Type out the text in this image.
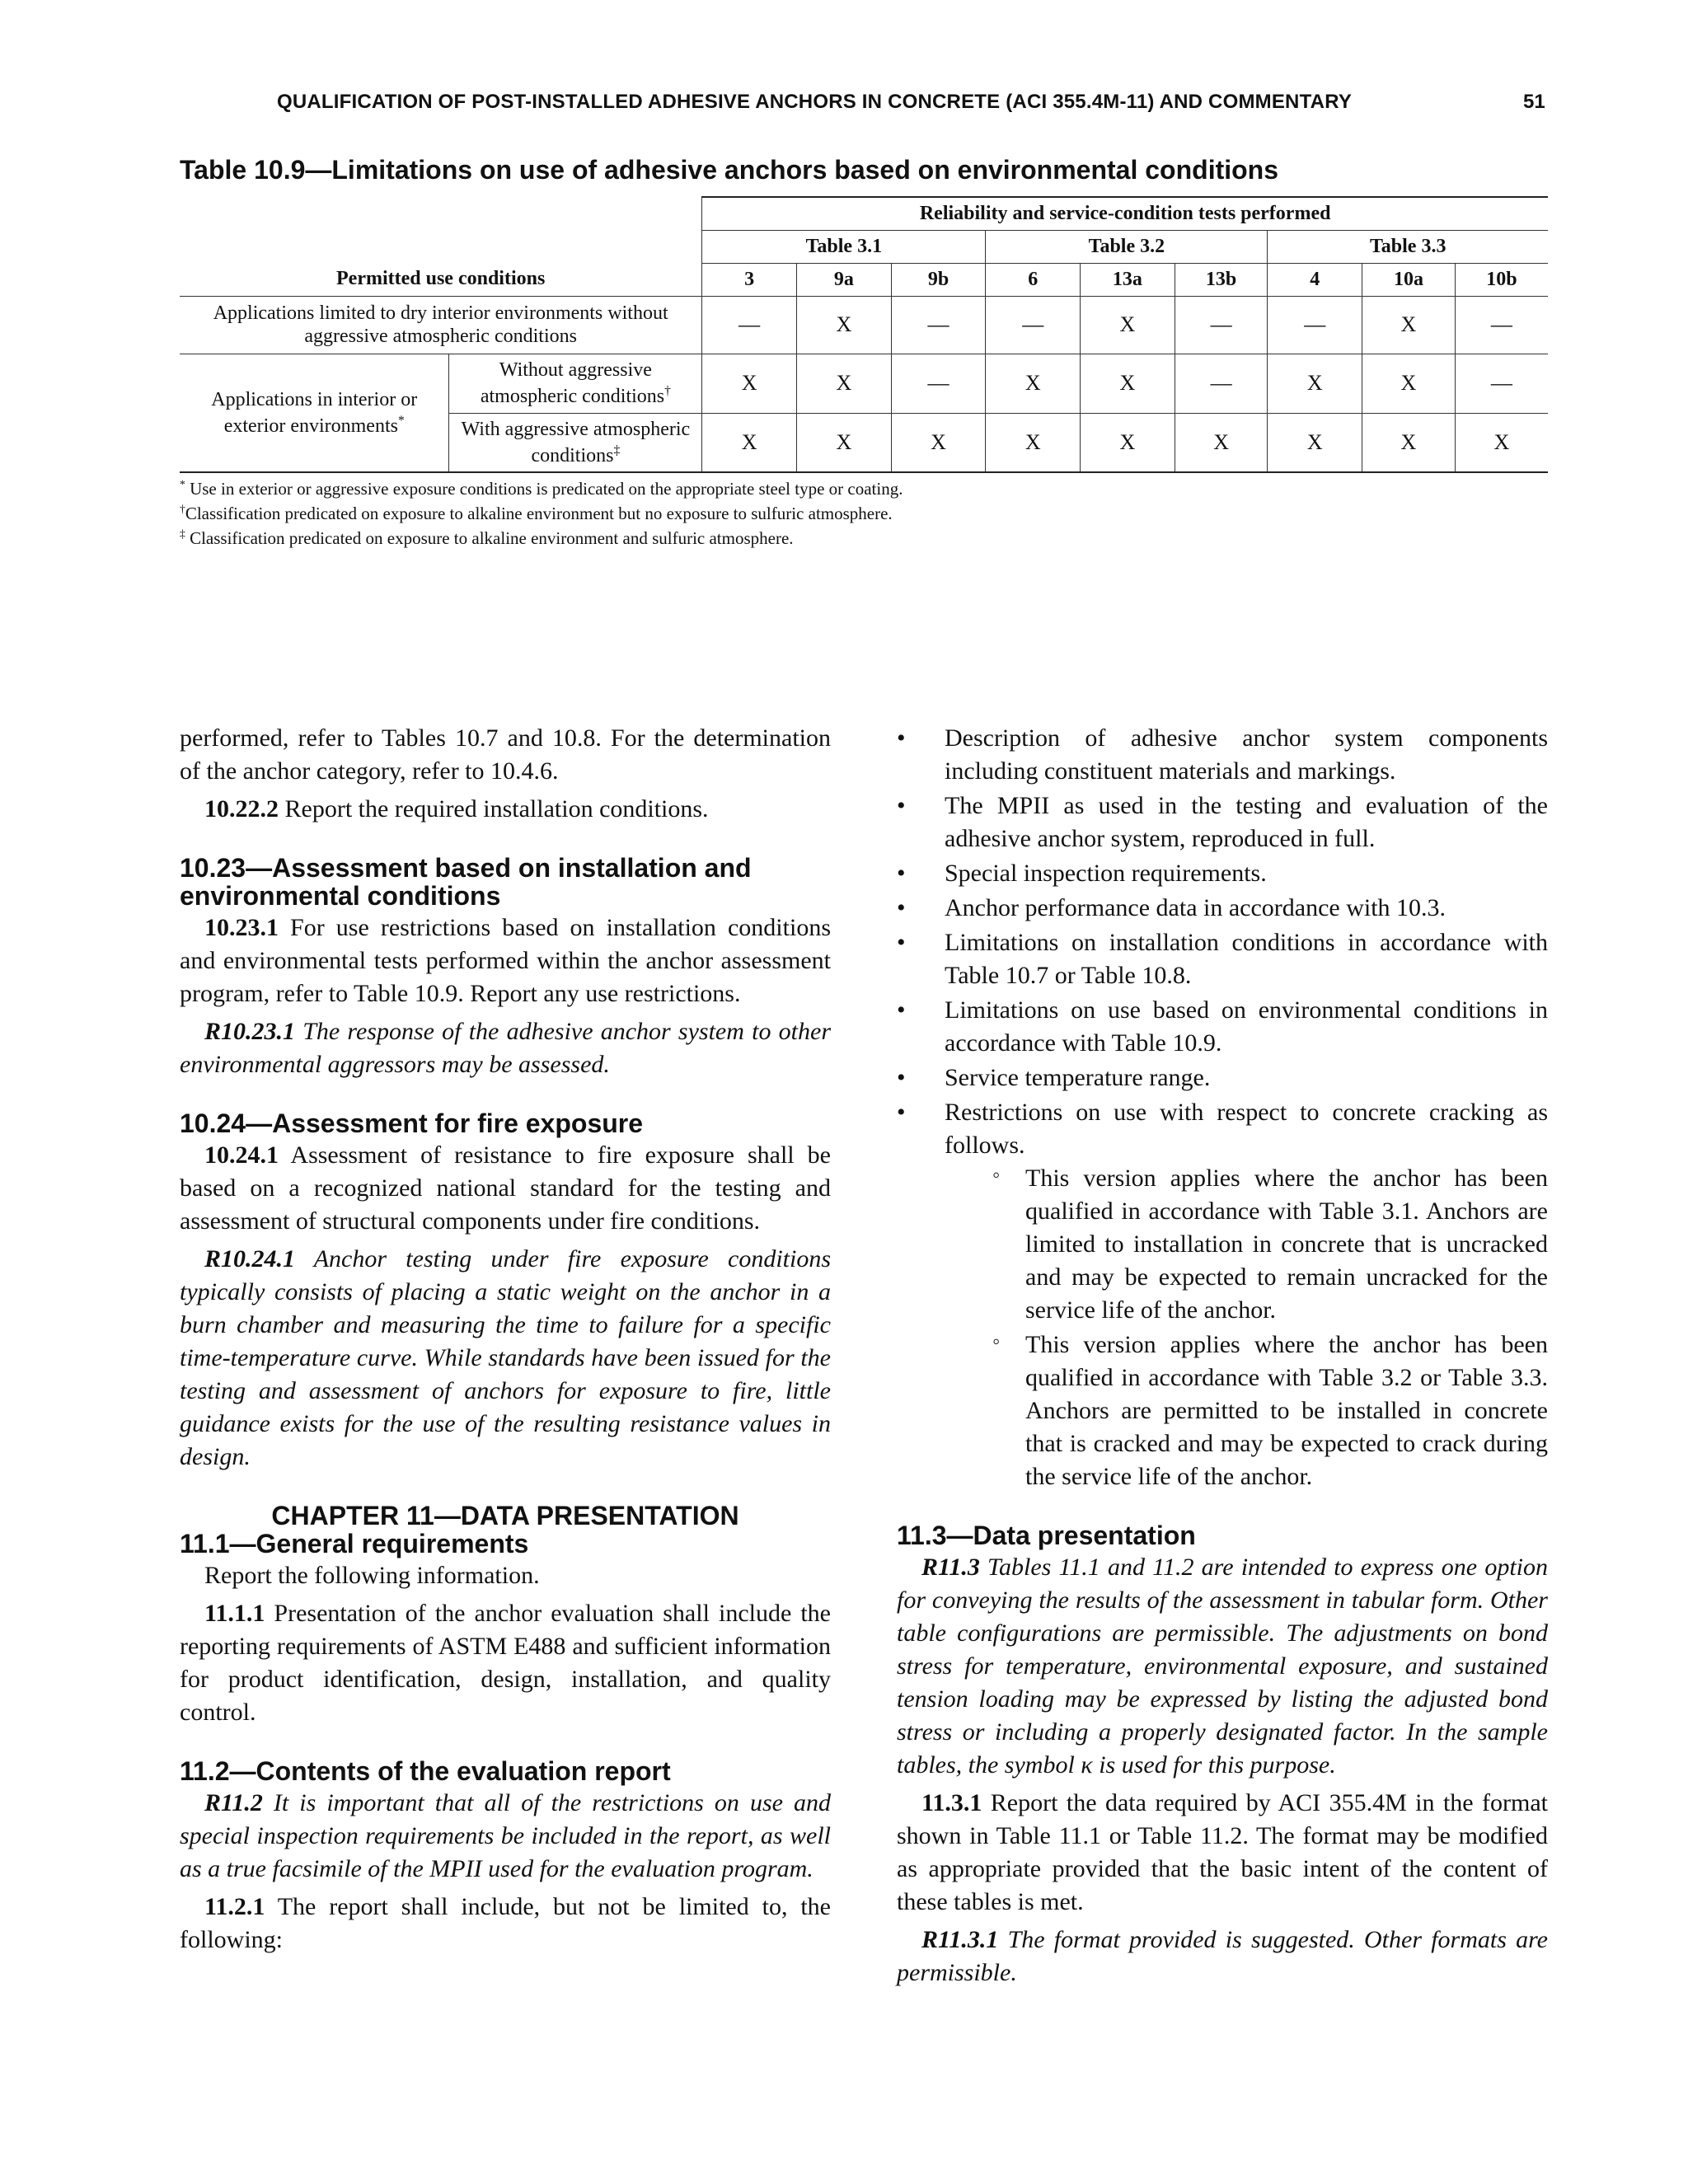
QUALIFICATION OF POST-INSTALLED ADHESIVE ANCHORS IN CONCRETE (ACI 355.4M-11) AND COMMENTARY	51
Table 10.9—Limitations on use of adhesive anchors based on environmental conditions
		Reliability and service-condition tests performed								
		Table 3.1			Table 3.2			Table 3.3		
Permitted use conditions		3	9a	9b	6	13a	13b	4	10a	10b
Applications limited to dry interior environments without aggressive atmospheric conditions		—	X	—	—	X	—	—	X	—
Applications in interior or exterior environments*	Without aggressive atmospheric conditions†	X	X	—	X	X	—	X	X	—
	With aggressive atmospheric conditions‡	X	X	X	X	X	X	X	X	X
* Use in exterior or aggressive exposure conditions is predicated on the appropriate steel type or coating.
†Classification predicated on exposure to alkaline environment but no exposure to sulfuric atmosphere.
‡ Classification predicated on exposure to alkaline environment and sulfuric atmosphere.

performed, refer to Tables 10.7 and 10.8. For the determination of the anchor category, refer to 10.4.6.

10.22.2 Report the required installation conditions.

10.23—Assessment based on installation and environmental conditions

10.23.1 For use restrictions based on installation conditions and environmental tests performed within the anchor assessment program, refer to Table 10.9. Report any use restrictions.

R10.23.1 The response of the adhesive anchor system to other environmental aggressors may be assessed.

10.24—Assessment for fire exposure

10.24.1 Assessment of resistance to fire exposure shall be based on a recognized national standard for the testing and assessment of structural components under fire conditions.

R10.24.1 Anchor testing under fire exposure conditions typically consists of placing a static weight on the anchor in a burn chamber and measuring the time to failure for a specific time-temperature curve. While standards have been issued for the testing and assessment of anchors for exposure to fire, little guidance exists for the use of the resulting resistance values in design.

CHAPTER 11—DATA PRESENTATION
11.1—General requirements

Report the following information.

11.1.1 Presentation of the anchor evaluation shall include the reporting requirements of ASTM E488 and sufficient information for product identification, design, installation, and quality control.

11.2—Contents of the evaluation report

R11.2 It is important that all of the restrictions on use and special inspection requirements be included in the report, as well as a true facsimile of the MPII used for the evaluation program.

11.2.1 The report shall include, but not be limited to, the following:

• Description of adhesive anchor system components including constituent materials and markings.
• The MPII as used in the testing and evaluation of the adhesive anchor system, reproduced in full.
• Special inspection requirements.
• Anchor performance data in accordance with 10.3.
• Limitations on installation conditions in accordance with Table 10.7 or Table 10.8.
• Limitations on use based on environmental conditions in accordance with Table 10.9.
• Service temperature range.
• Restrictions on use with respect to concrete cracking as follows.
◦ This version applies where the anchor has been qualified in accordance with Table 3.1. Anchors are limited to installation in concrete that is uncracked and may be expected to remain uncracked for the service life of the anchor.
◦ This version applies where the anchor has been qualified in accordance with Table 3.2 or Table 3.3. Anchors are permitted to be installed in concrete that is cracked and may be expected to crack during the service life of the anchor.
11.3—Data presentation

R11.3 Tables 11.1 and 11.2 are intended to express one option for conveying the results of the assessment in tabular form. Other table configurations are permissible. The adjustments on bond stress for temperature, environmental exposure, and sustained tension loading may be expressed by listing the adjusted bond stress or including a properly designated factor. In the sample tables, the symbol κ is used for this purpose.

11.3.1 Report the data required by ACI 355.4M in the format shown in Table 11.1 or Table 11.2. The format may be modified as appropriate provided that the basic intent of the content of these tables is met.

R11.3.1 The format provided is suggested. Other formats are permissible.
